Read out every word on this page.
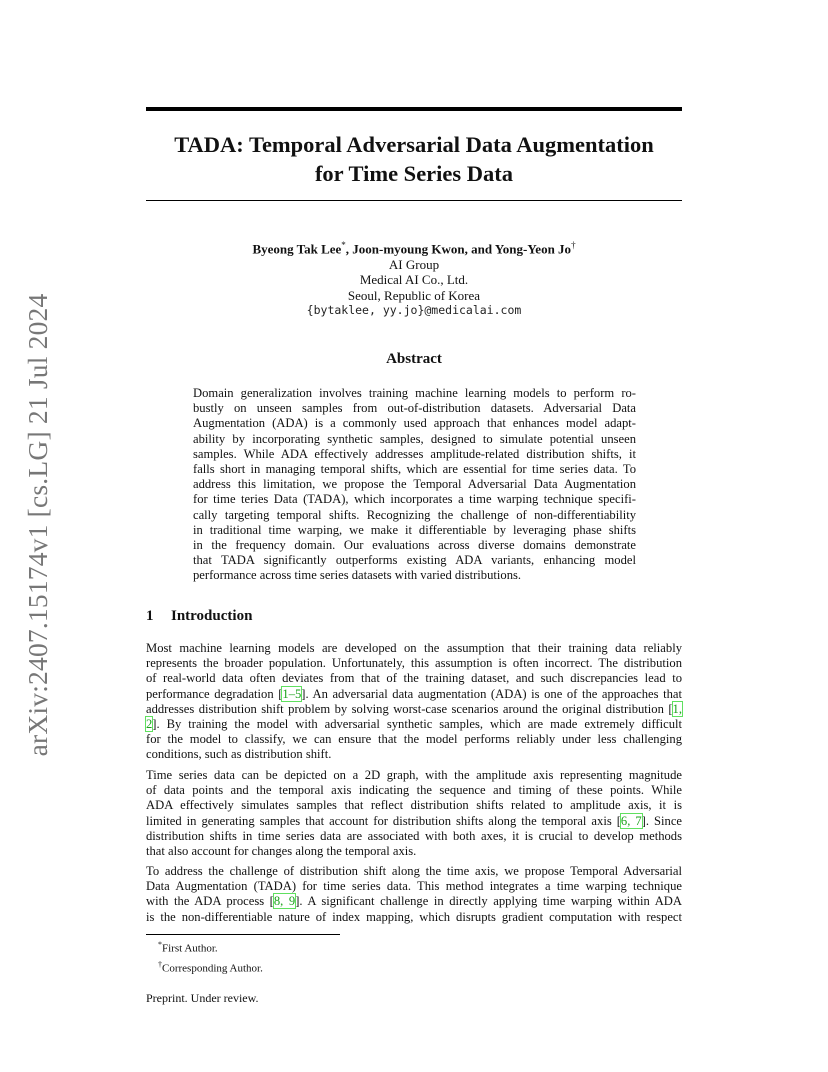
arXiv:2407.15174v1 [cs.LG] 21 Jul 2024
TADA: Temporal Adversarial Data Augmentation
for Time Series Data
Byeong Tak Lee*, Joon-myoung Kwon, and Yong-Yeon Jo†
AI Group
Medical AI Co., Ltd.
Seoul, Republic of Korea
{bytaklee, yy.jo}@medicalai.com
Abstract
Domain generalization involves training machine learning models to perform ro-
bustly on unseen samples from out-of-distribution datasets. Adversarial Data
Augmentation (ADA) is a commonly used approach that enhances model adapt-
ability by incorporating synthetic samples, designed to simulate potential unseen
samples. While ADA effectively addresses amplitude-related distribution shifts, it
falls short in managing temporal shifts, which are essential for time series data. To
address this limitation, we propose the Temporal Adversarial Data Augmentation
for time teries Data (TADA), which incorporates a time warping technique specifi-
cally targeting temporal shifts. Recognizing the challenge of non-differentiability
in traditional time warping, we make it differentiable by leveraging phase shifts
in the frequency domain. Our evaluations across diverse domains demonstrate
that TADA significantly outperforms existing ADA variants, enhancing model
performance across time series datasets with varied distributions.
1 Introduction
Most machine learning models are developed on the assumption that their training data reliably
represents the broader population. Unfortunately, this assumption is often incorrect. The distribution
of real-world data often deviates from that of the training dataset, and such discrepancies lead to
performance degradation [1–5]. An adversarial data augmentation (ADA) is one of the approaches that
addresses distribution shift problem by solving worst-case scenarios around the original distribution [1,
2]. By training the model with adversarial synthetic samples, which are made extremely difficult
for the model to classify, we can ensure that the model performs reliably under less challenging
conditions, such as distribution shift.
Time series data can be depicted on a 2D graph, with the amplitude axis representing magnitude
of data points and the temporal axis indicating the sequence and timing of these points. While
ADA effectively simulates samples that reflect distribution shifts related to amplitude axis, it is
limited in generating samples that account for distribution shifts along the temporal axis [6, 7]. Since
distribution shifts in time series data are associated with both axes, it is crucial to develop methods
that also account for changes along the temporal axis.
To address the challenge of distribution shift along the time axis, we propose Temporal Adversarial
Data Augmentation (TADA) for time series data. This method integrates a time warping technique
with the ADA process [8, 9]. A significant challenge in directly applying time warping within ADA
is the non-differentiable nature of index mapping, which disrupts gradient computation with respect
*First Author.
†Corresponding Author.
Preprint. Under review.
